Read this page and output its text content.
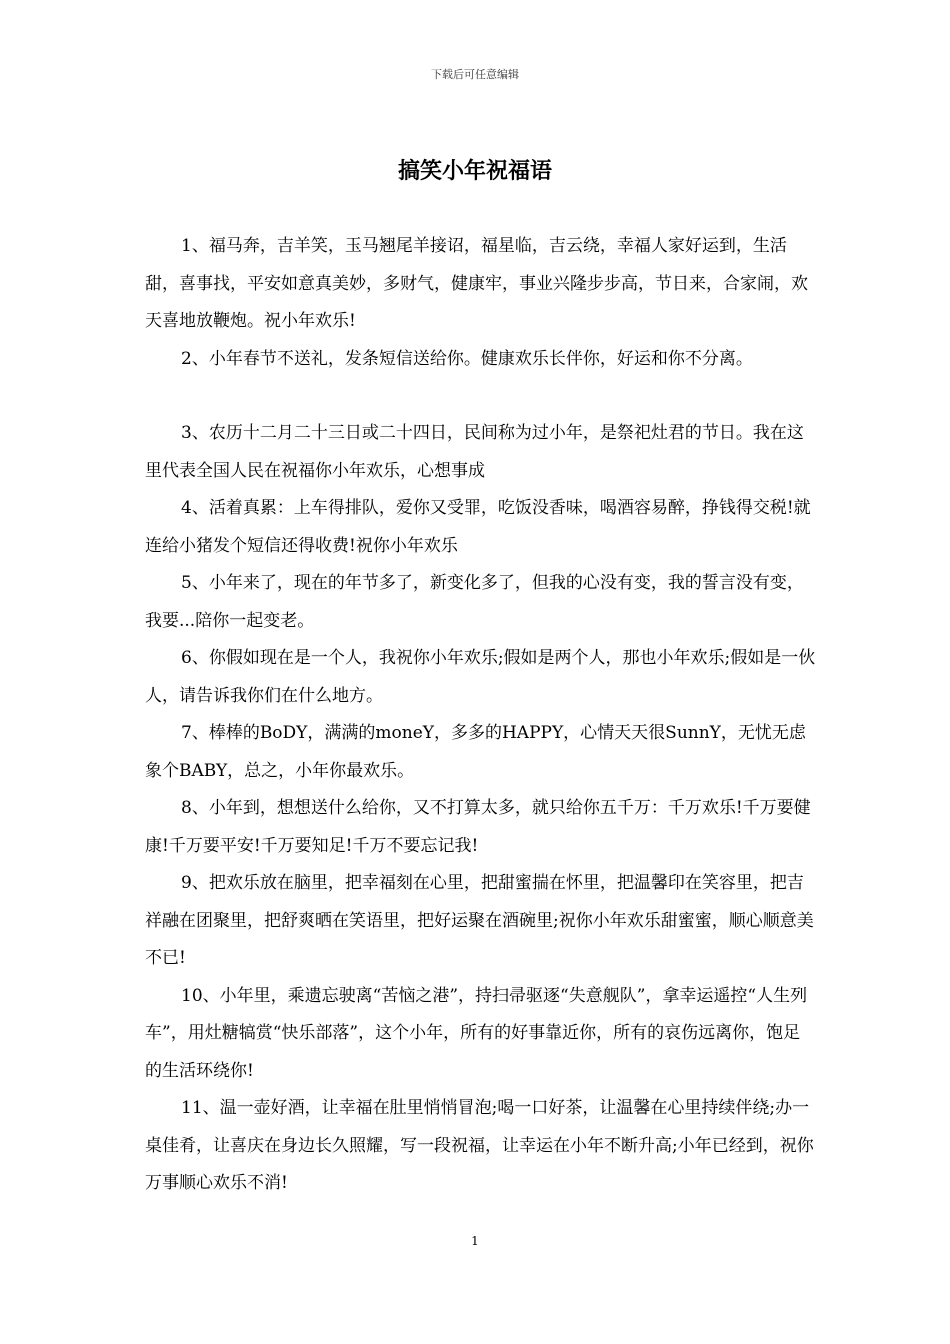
下载后可任意编辑
搞笑小年祝福语

1、福马奔，吉羊笑，玉马翘尾羊接诏，福星临，吉云绕，幸福人家好运到，生活甜，喜事找，平安如意真美妙，多财气，健康牢，事业兴隆步步高，节日来，合家闹，欢天喜地放鞭炮。祝小年欢乐!

2、小年春节不送礼，发条短信送给你。健康欢乐长伴你，好运和你不分离。

3、农历十二月二十三日或二十四日，民间称为过小年，是祭祀灶君的节日。我在这里代表全国人民在祝福你小年欢乐，心想事成

4、活着真累：上车得排队，爱你又受罪，吃饭没香味，喝酒容易醉，挣钱得交税!就连给小猪发个短信还得收费!祝你小年欢乐

5、小年来了，现在的年节多了，新变化多了，但我的心没有变，我的誓言没有变，我要...陪你一起变老。

6、你假如现在是一个人，我祝你小年欢乐;假如是两个人，那也小年欢乐;假如是一伙人，请告诉我你们在什么地方。

7、棒棒的BoDY，满满的moneY，多多的HAPPY，心情天天很SunnY，无忧无虑象个BABY，总之，小年你最欢乐。

8、小年到，想想送什么给你，又不打算太多，就只给你五千万：千万欢乐!千万要健康!千万要平安!千万要知足!千万不要忘记我!

9、把欢乐放在脑里，把幸福刻在心里，把甜蜜揣在怀里，把温馨印在笑容里，把吉祥融在团聚里，把舒爽晒在笑语里，把好运聚在酒碗里;祝你小年欢乐甜蜜蜜，顺心顺意美不已!

10、小年里，乘遗忘驶离“苦恼之港”，持扫帚驱逐“失意舰队”，拿幸运遥控“人生列车”，用灶糖犒赏“快乐部落”，这个小年，所有的好事靠近你，所有的哀伤远离你，饱足的生活环绕你!

11、温一壶好酒，让幸福在肚里悄悄冒泡;喝一口好茶，让温馨在心里持续伴绕;办一桌佳肴，让喜庆在身边长久照耀，写一段祝福，让幸运在小年不断升高;小年已经到，祝你万事顺心欢乐不消!

1
